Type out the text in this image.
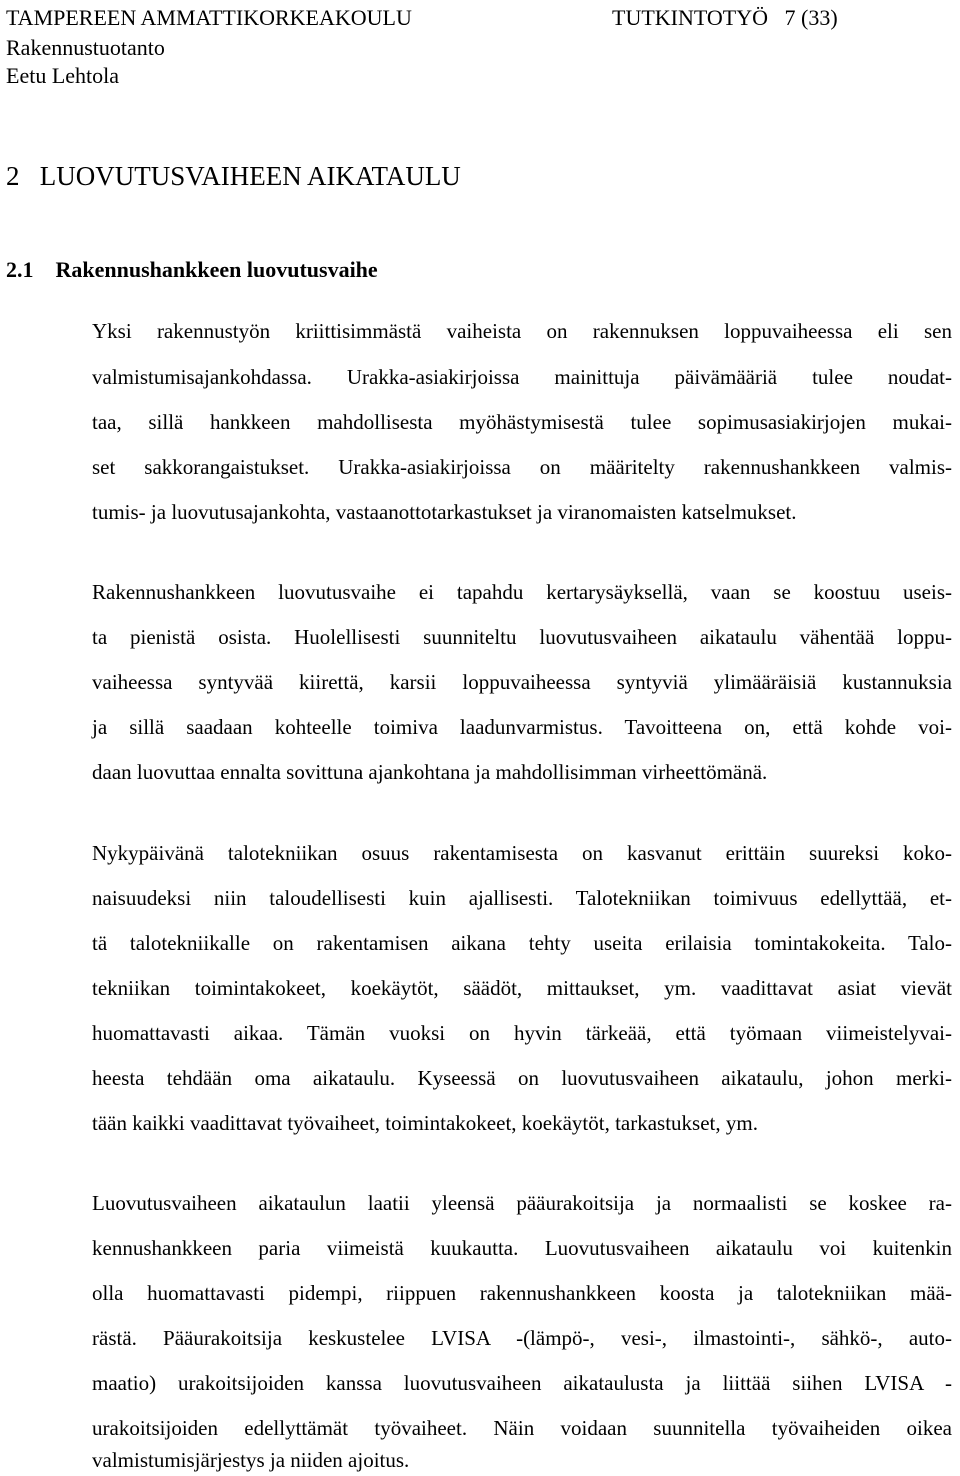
TAMPEREEN AMMATTIKORKEAKOULU	TUTKINTOTYÖ 7 (33)
Rakennustuotanto
Eetu Lehtola
2 LUOVUTUSVAIHEEN AIKATAULU
2.1 Rakennushankkeen luovutusvaihe
Yksi rakennustyön kriittisimmästä vaiheista on rakennuksen loppuvaiheessa eli sen
valmistumisajankohdassa. Urakka-asiakirjoissa mainittuja päivämääriä tulee noudat-
taa, sillä hankkeen mahdollisesta myöhästymisestä tulee sopimusasiakirjojen mukai-
set sakkorangaistukset. Urakka-asiakirjoissa on määritelty rakennushankkeen valmis-
tumis- ja luovutusajankohta, vastaanottotarkastukset ja viranomaisten katselmukset.
Rakennushankkeen luovutusvaihe ei tapahdu kertarysäyksellä, vaan se koostuu useis-
ta pienistä osista. Huolellisesti suunniteltu luovutusvaiheen aikataulu vähentää loppu-
vaiheessa syntyvää kiirettä, karsii loppuvaiheessa syntyviä ylimääräisiä kustannuksia
ja sillä saadaan kohteelle toimiva laadunvarmistus. Tavoitteena on, että kohde voi-
daan luovuttaa ennalta sovittuna ajankohtana ja mahdollisimman virheettömänä.
Nykypäivänä talotekniikan osuus rakentamisesta on kasvanut erittäin suureksi koko-
naisuudeksi niin taloudellisesti kuin ajallisesti. Talotekniikan toimivuus edellyttää, et-
tä talotekniikalle on rakentamisen aikana tehty useita erilaisia tomintakokeita. Talo-
tekniikan toimintakokeet, koekäytöt, säädöt, mittaukset, ym. vaadittavat asiat vievät
huomattavasti aikaa. Tämän vuoksi on hyvin tärkeää, että työmaan viimeistelyvai-
heesta tehdään oma aikataulu. Kyseessä on luovutusvaiheen aikataulu, johon merki-
tään kaikki vaadittavat työvaiheet, toimintakokeet, koekäytöt, tarkastukset, ym.
Luovutusvaiheen aikataulun laatii yleensä pääurakoitsija ja normaalisti se koskee ra-
kennushankkeen paria viimeistä kuukautta. Luovutusvaiheen aikataulu voi kuitenkin
olla huomattavasti pidempi, riippuen rakennushankkeen koosta ja talotekniikan mää-
rästä. Pääurakoitsija keskustelee LVISA -(lämpö-, vesi-, ilmastointi-, sähkö-, auto-
maatio) urakoitsijoiden kanssa luovutusvaiheen aikataulusta ja liittää siihen LVISA -
urakoitsijoiden edellyttämät työvaiheet. Näin voidaan suunnitella työvaiheiden oikea
valmistumisjärjestys ja niiden ajoitus.
